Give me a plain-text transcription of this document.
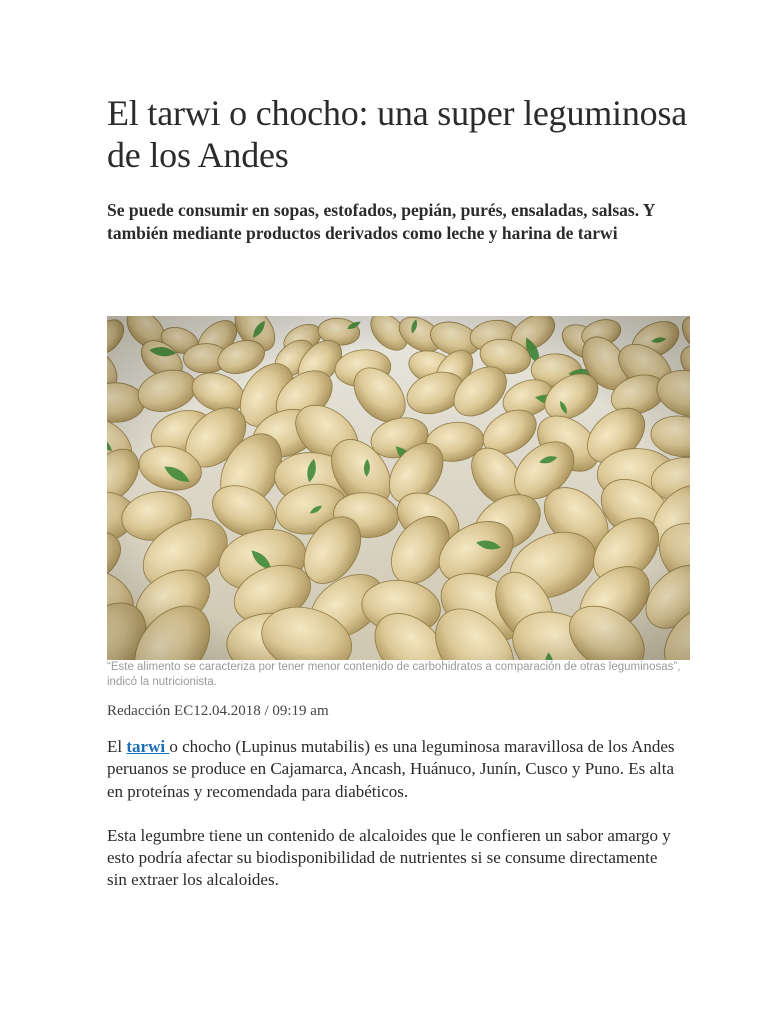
El tarwi o chocho: una super leguminosa de los Andes
Se puede consumir en sopas, estofados, pepián, purés, ensaladas, salsas. Y también mediante productos derivados como leche y harina de tarwi
“Este alimento se caracteriza por tener menor contenido de carbohidratos a comparación de otras leguminosas”, indicó la nutricionista.
Redacción EC12.04.2018 / 09:19 am

El tarwi o chocho (Lupinus mutabilis) es una leguminosa maravillosa de los Andes peruanos se produce en Cajamarca, Ancash, Huánuco, Junín, Cusco y Puno. Es alta en proteínas y recomendada para diabéticos.

Esta legumbre tiene un contenido de alcaloides que le confieren un sabor amargo y esto podría afectar su biodisponibilidad de nutrientes si se consume directamente sin extraer los alcaloides.
